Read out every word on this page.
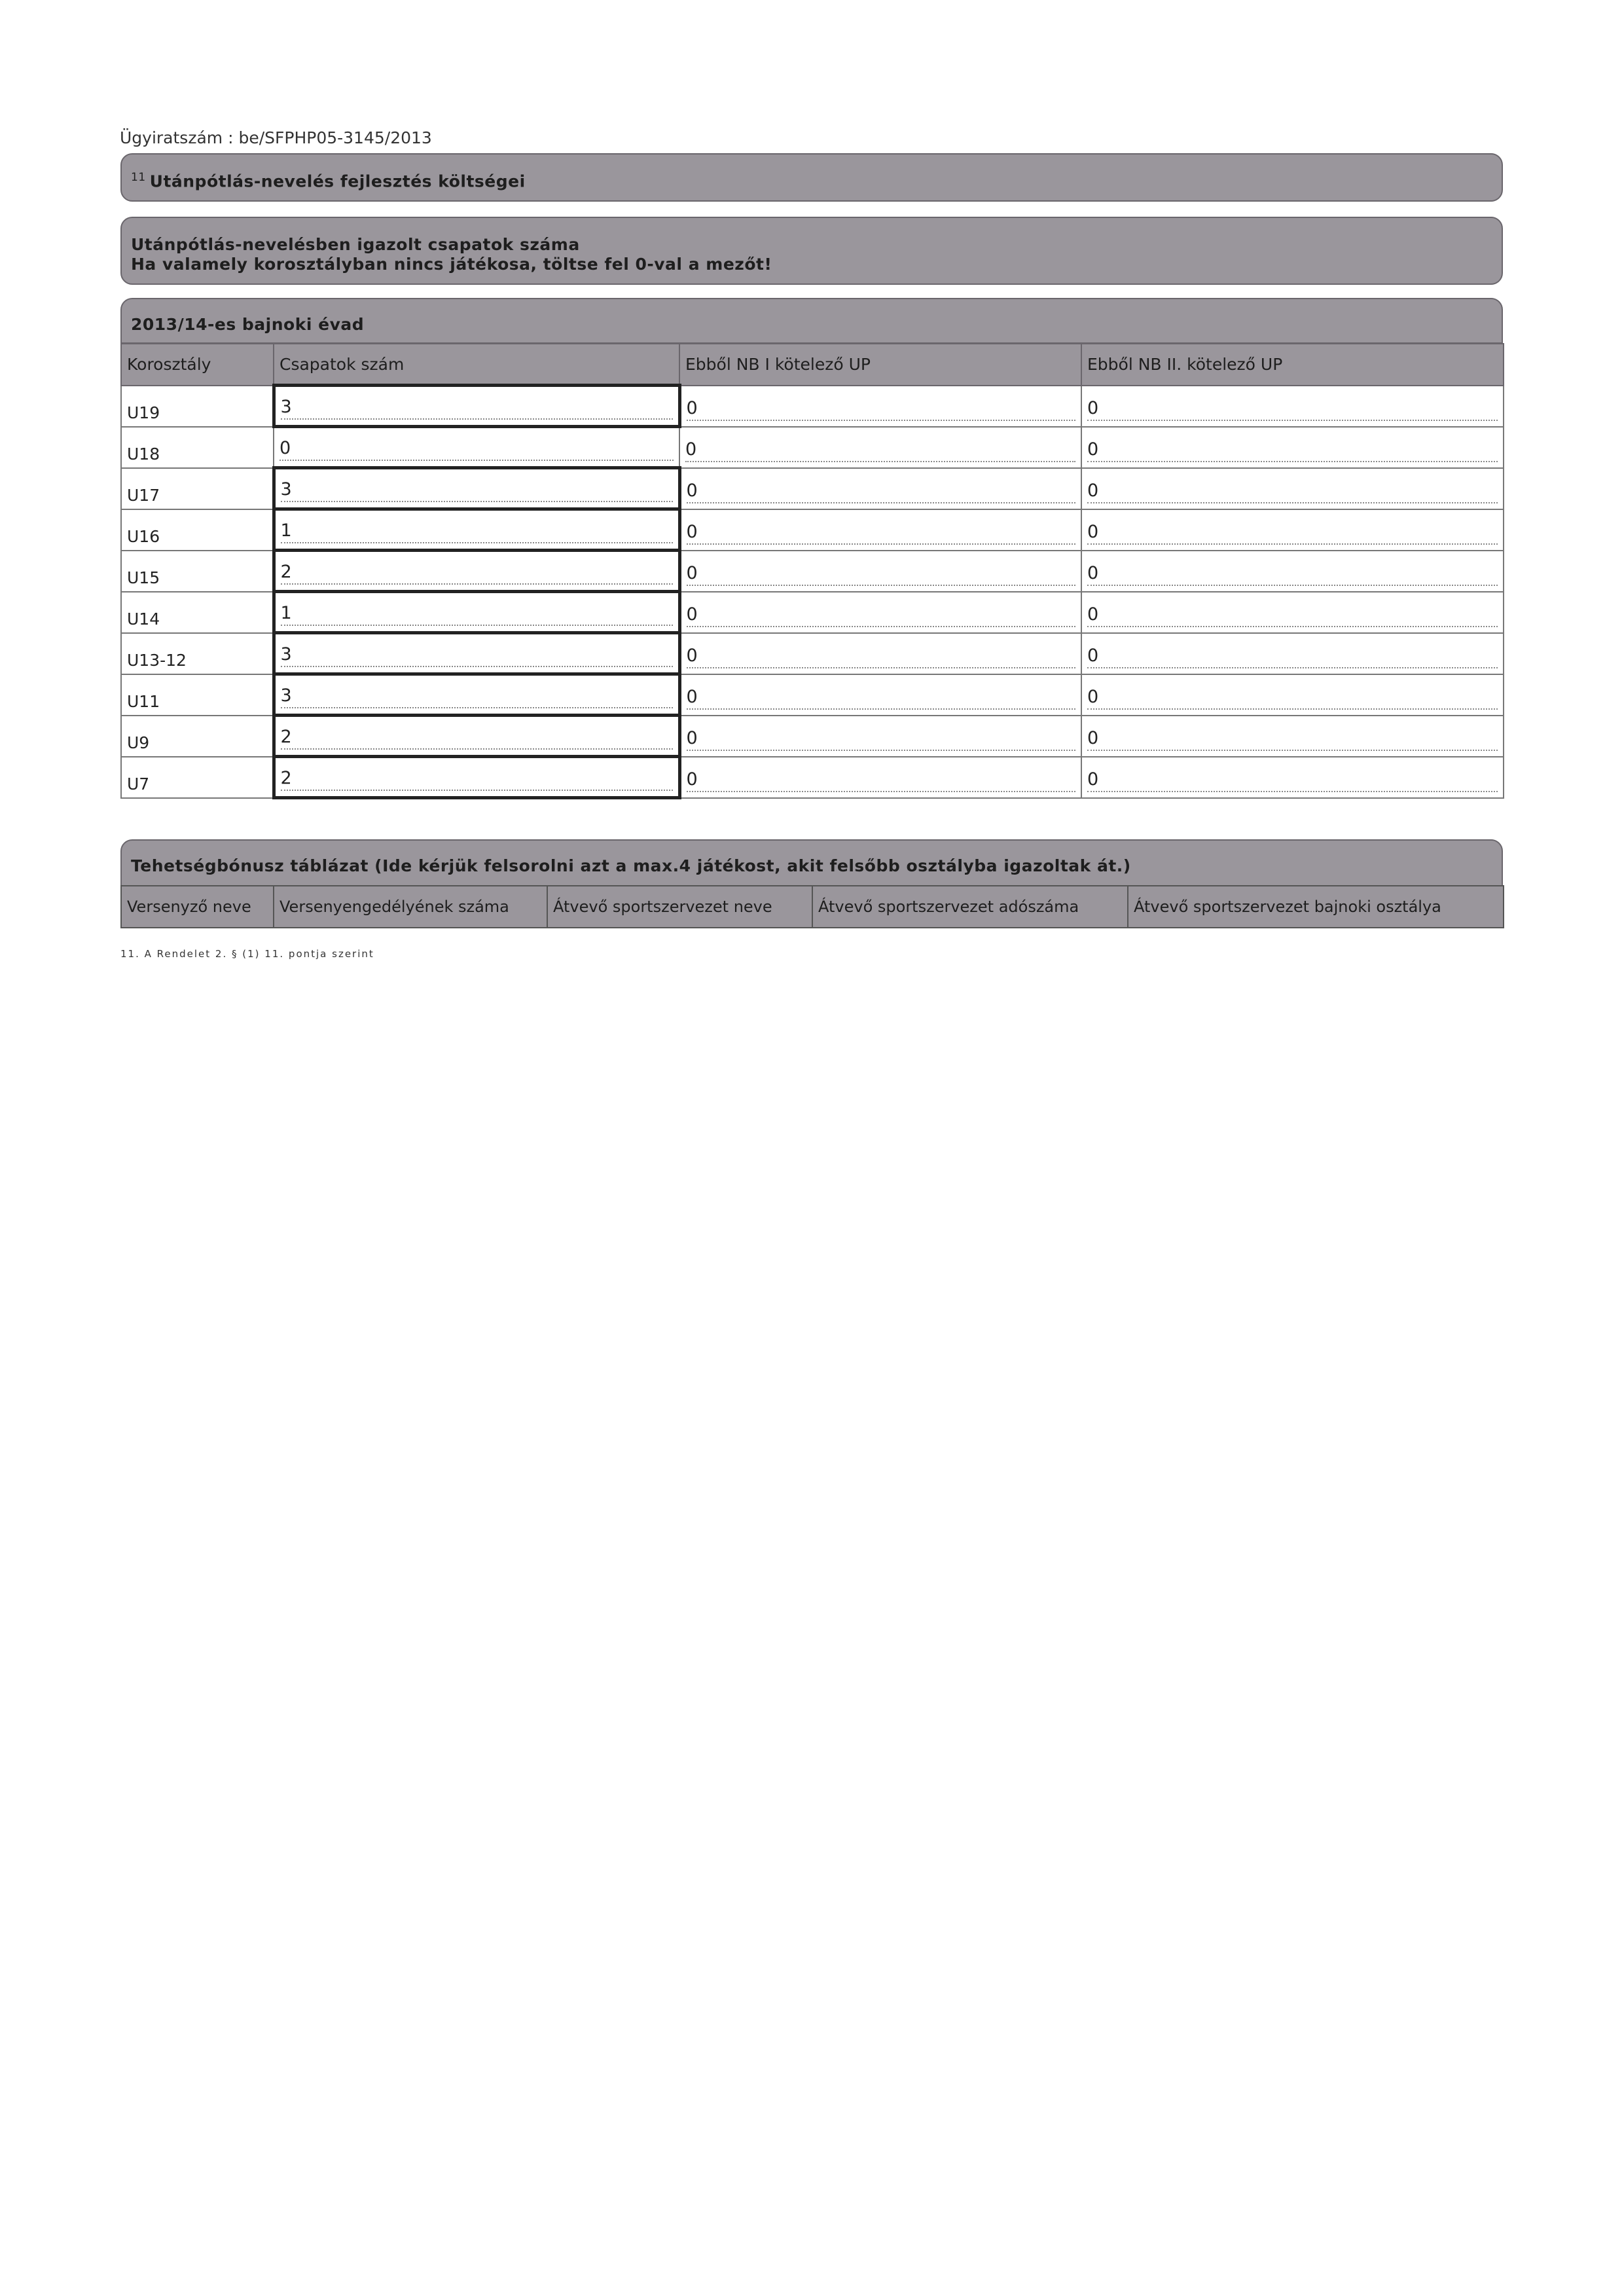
Ügyiratszám : be/SFPHP05-3145/2013
$^{11}$ Utánpótlás-nevelés fejlesztés költségei
Utánpótlás-nevelésben igazolt csapatok száma
Ha valamely korosztályban nincs játékosa, töltse fel 0-val a mezőt!
2013/14-es bajnoki évad
Korosztály	Csapatok szám	Ebből NB I kötelező UP	Ebből NB II. kötelező UP
U19	3	0	0

U18	0	0	0

U17	3	0	0

U16	1	0	0

U15	2	0	0

U14	1	0	0

U13-12	3	0	0

U11	3	0	0

U9	2	0	0

U7	2	0	0
Tehetségbónusz táblázat (Ide kérjük felsorolni azt a max.4 játékost, akit felsőbb osztályba igazoltak át.)
Versenyző neve	Versenyengedélyének száma	Átvevő sportszervezet neve	Átvevő sportszervezet adószáma	Átvevő sportszervezet bajnoki osztálya
11. A Rendelet 2. § (1) 11. pontja szerint
